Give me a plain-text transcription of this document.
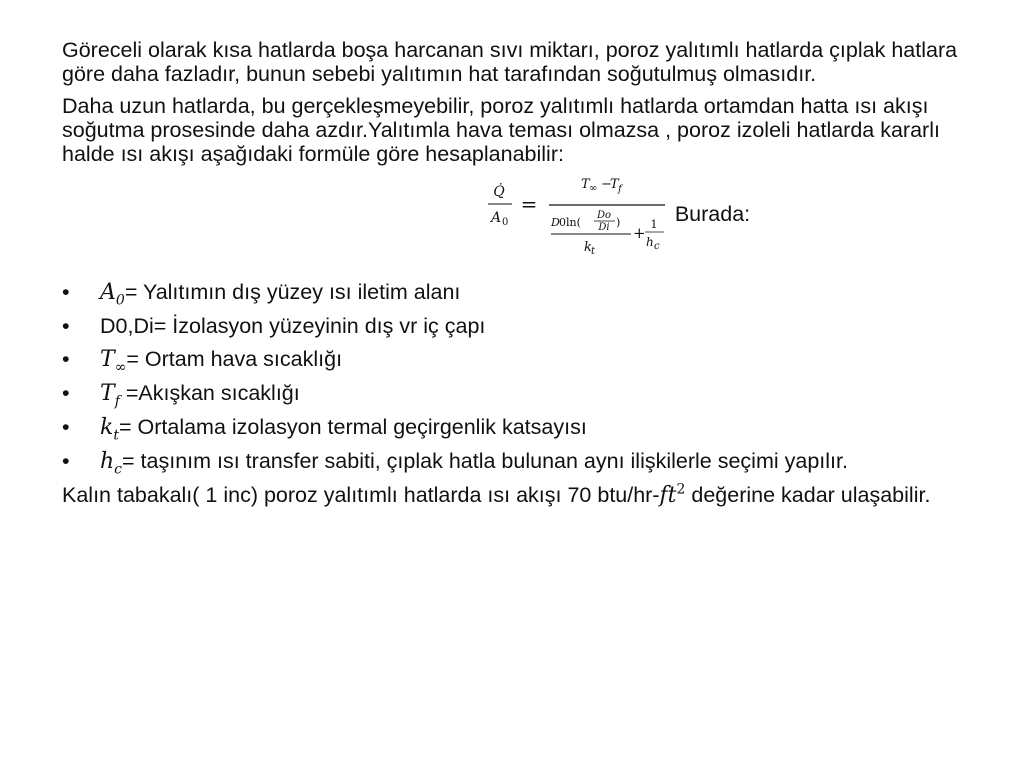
Göreceli olarak kısa hatlarda boşa harcanan sıvı miktarı, poroz yalıtımlı hatlarda çıplak hatlara göre daha fazladır, bunun sebebi yalıtımın hat tarafından soğutulmuş olmasıdır.

Daha uzun hatlarda, bu gerçekleşmeyebilir, poroz yalıtımlı hatlarda ortamdan hatta ısı akışı soğutma prosesinde daha azdır.Yalıtımla hava teması olmazsa , poroz izoleli hatlarda kararlı halde ısı akışı aşağıdaki formüle göre hesaplanabilir:

Q̇
A 0
=
T ∞ −
T f
D 0ln(
Do
Di )
k t
+ 1
h c
Burada:
•	$A_0=$ Yalıtımın dış yüzey ısı iletim alanı
•	D0,Di= İzolasyon yüzeyinin dış vr iç çapı
•	$T_\infty=$ Ortam hava sıcaklığı
•	$T_f$ =Akışkan sıcaklığı
•	$k_t=$ Ortalama izolasyon termal geçirgenlik katsayısı
•	$h_c=$ taşınım ısı transfer sabiti, çıplak hatla bulunan aynı ilişkilerle seçimi yapılır.

Kalın tabakalı( 1 inc) poroz yalıtımlı hatlarda ısı akışı 70 btu/$hr-ft^2$ değerine kadar ulaşabilir.
